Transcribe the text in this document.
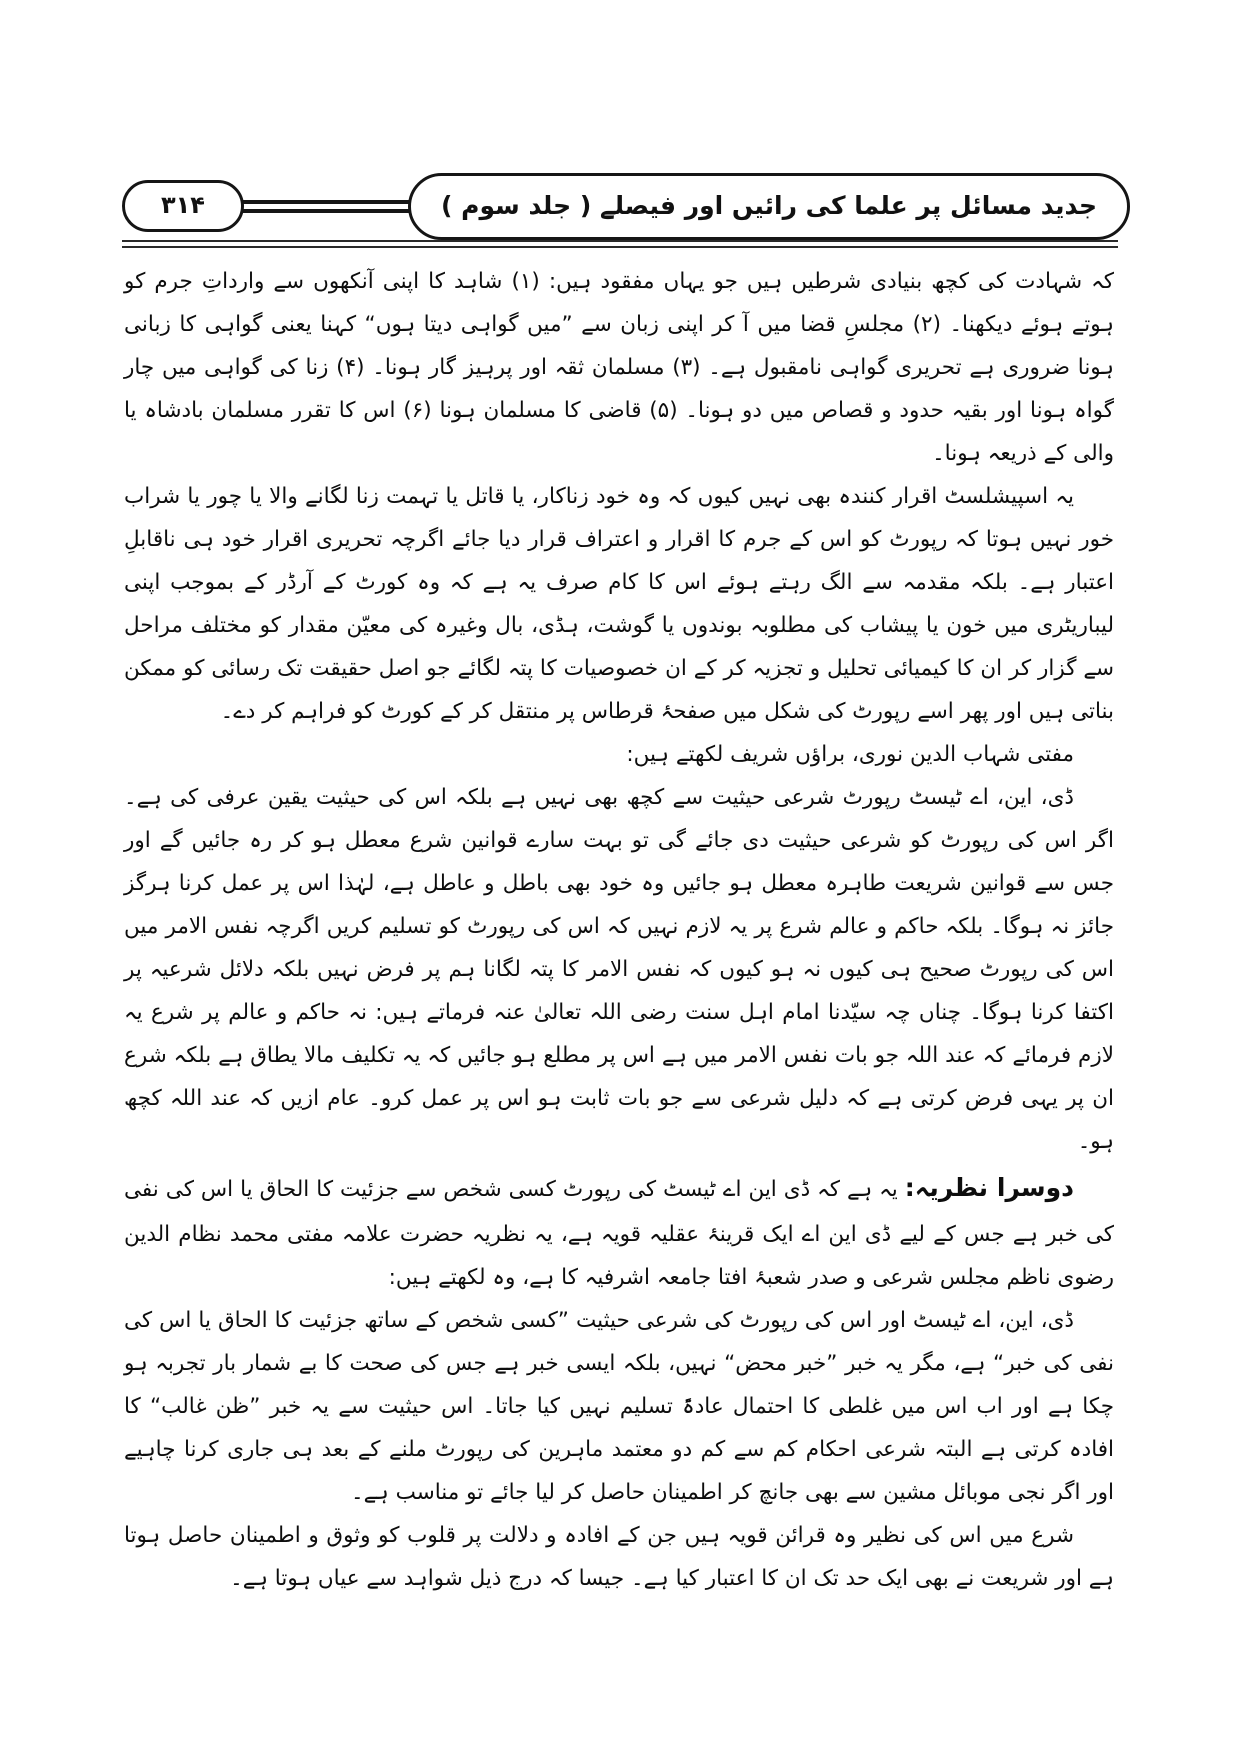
جدید مسائل پر علما کی رائیں اور فیصلے ( جلد سوم )
۳۱۴

کہ شہادت کی کچھ بنیادی شرطیں ہیں جو یہاں مفقود ہیں: (۱) شاہد کا اپنی آنکھوں سے وارداتِ جرم کو ہوتے ہوئے دیکھنا۔ (۲) مجلسِ قضا میں آ کر اپنی زبان سے ”میں گواہی دیتا ہوں“ کہنا یعنی گواہی کا زبانی ہونا ضروری ہے تحریری گواہی نامقبول ہے۔ (۳) مسلمان ثقہ اور پرہیز گار ہونا۔ (۴) زنا کی گواہی میں چار گواہ ہونا اور بقیہ حدود و قصاص میں دو ہونا۔ (۵) قاضی کا مسلمان ہونا (۶) اس کا تقرر مسلمان بادشاہ یا والی کے ذریعہ ہونا۔

یہ اسپیشلسٹ اقرار کنندہ بھی نہیں کیوں کہ وہ خود زناکار، یا قاتل یا تہمت زنا لگانے والا یا چور یا شراب خور نہیں ہوتا کہ رپورٹ کو اس کے جرم کا اقرار و اعتراف قرار دیا جائے اگرچہ تحریری اقرار خود ہی ناقابلِ اعتبار ہے۔ بلکہ مقدمہ سے الگ رہتے ہوئے اس کا کام صرف یہ ہے کہ وہ کورٹ کے آرڈر کے بموجب اپنی لیباریٹری میں خون یا پیشاب کی مطلوبہ بوندوں یا گوشت، ہڈی، بال وغیرہ کی معیّن مقدار کو مختلف مراحل سے گزار کر ان کا کیمیائی تحلیل و تجزیہ کر کے ان خصوصیات کا پتہ لگائے جو اصل حقیقت تک رسائی کو ممکن بناتی ہیں اور پھر اسے رپورٹ کی شکل میں صفحۂ قرطاس پر منتقل کر کے کورٹ کو فراہم کر دے۔

مفتی شہاب الدین نوری، براؤں شریف لکھتے ہیں:

ڈی، این، اے ٹیسٹ رپورٹ شرعی حیثیت سے کچھ بھی نہیں ہے بلکہ اس کی حیثیت یقین عرفی کی ہے۔ اگر اس کی رپورٹ کو شرعی حیثیت دی جائے گی تو بہت سارے قوانین شرع معطل ہو کر رہ جائیں گے اور جس سے قوانین شریعت طاہرہ معطل ہو جائیں وہ خود بھی باطل و عاطل ہے، لہٰذا اس پر عمل کرنا ہرگز جائز نہ ہوگا۔ بلکہ حاکم و عالم شرع پر یہ لازم نہیں کہ اس کی رپورٹ کو تسلیم کریں اگرچہ نفس الامر میں اس کی رپورٹ صحیح ہی کیوں نہ ہو کیوں کہ نفس الامر کا پتہ لگانا ہم پر فرض نہیں بلکہ دلائل شرعیہ پر اکتفا کرنا ہوگا۔ چناں چہ سیّدنا امام اہل سنت رضی اللہ تعالیٰ عنہ فرماتے ہیں: نہ حاکم و عالم پر شرع یہ لازم فرمائے کہ عند اللہ جو بات نفس الامر میں ہے اس پر مطلع ہو جائیں کہ یہ تکلیف مالا یطاق ہے بلکہ شرع ان پر یہی فرض کرتی ہے کہ دلیل شرعی سے جو بات ثابت ہو اس پر عمل کرو۔ عام ازیں کہ عند اللہ کچھ ہو۔

دوسرا نظریہ: یہ ہے کہ ڈی این اے ٹیسٹ کی رپورٹ کسی شخص سے جزئیت کا الحاق یا اس کی نفی کی خبر ہے جس کے لیے ڈی این اے ایک قرینۂ عقلیہ قویہ ہے، یہ نظریہ حضرت علامہ مفتی محمد نظام الدین رضوی ناظم مجلس شرعی و صدر شعبۂ افتا جامعہ اشرفیہ کا ہے، وہ لکھتے ہیں:

ڈی، این، اے ٹیسٹ اور اس کی رپورٹ کی شرعی حیثیت ”کسی شخص کے ساتھ جزئیت کا الحاق یا اس کی نفی کی خبر“ ہے، مگر یہ خبر ”خبر محض“ نہیں، بلکہ ایسی خبر ہے جس کی صحت کا بے شمار بار تجربہ ہو چکا ہے اور اب اس میں غلطی کا احتمال عادۃً تسلیم نہیں کیا جاتا۔ اس حیثیت سے یہ خبر ”ظن غالب“ کا افادہ کرتی ہے البتہ شرعی احکام کم سے کم دو معتمد ماہرین کی رپورٹ ملنے کے بعد ہی جاری کرنا چاہیے اور اگر نجی موبائل مشین سے بھی جانچ کر اطمینان حاصل کر لیا جائے تو مناسب ہے۔

شرع میں اس کی نظیر وہ قرائن قویہ ہیں جن کے افادہ و دلالت پر قلوب کو وثوق و اطمینان حاصل ہوتا ہے اور شریعت نے بھی ایک حد تک ان کا اعتبار کیا ہے۔ جیسا کہ درج ذیل شواہد سے عیاں ہوتا ہے۔
